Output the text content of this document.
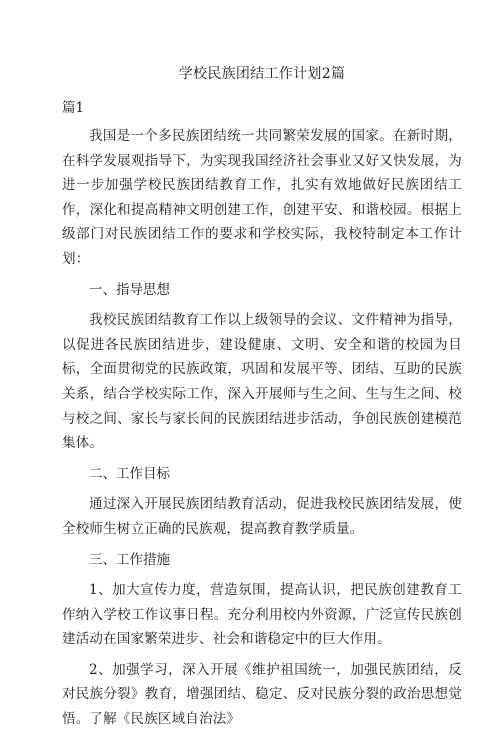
学校民族团结工作计划2篇
篇1

我国是一个多民族团结统一共同繁荣发展的国家。在新时期，在科学发展观指导下，为实现我国经济社会事业又好又快发展，为进一步加强学校民族团结教育工作，扎实有效地做好民族团结工作，深化和提高精神文明创建工作，创建平安、和谐校园。根据上级部门对民族团结工作的要求和学校实际，我校特制定本工作计划：

一、指导思想

我校民族团结教育工作以上级领导的会议、文件精神为指导，以促进各民族团结进步，建设健康、文明、安全和谐的校园为目标，全面贯彻党的民族政策，巩固和发展平等、团结、互助的民族关系，结合学校实际工作，深入开展师与生之间、生与生之间、校与校之间、家长与家长间的民族团结进步活动，争创民族创建模范集体。

二、工作目标

通过深入开展民族团结教育活动，促进我校民族团结发展，使全校师生树立正确的民族观，提高教育教学质量。

三、工作措施

1、加大宣传力度，营造氛围，提高认识，把民族创建教育工作纳入学校工作议事日程。充分利用校内外资源，广泛宣传民族创建活动在国家繁荣进步、社会和谐稳定中的巨大作用。

2、加强学习，深入开展《维护祖国统一，加强民族团结，反对民族分裂》教育，增强团结、稳定、反对民族分裂的政治思想觉悟。了解《民族区域自治法》
